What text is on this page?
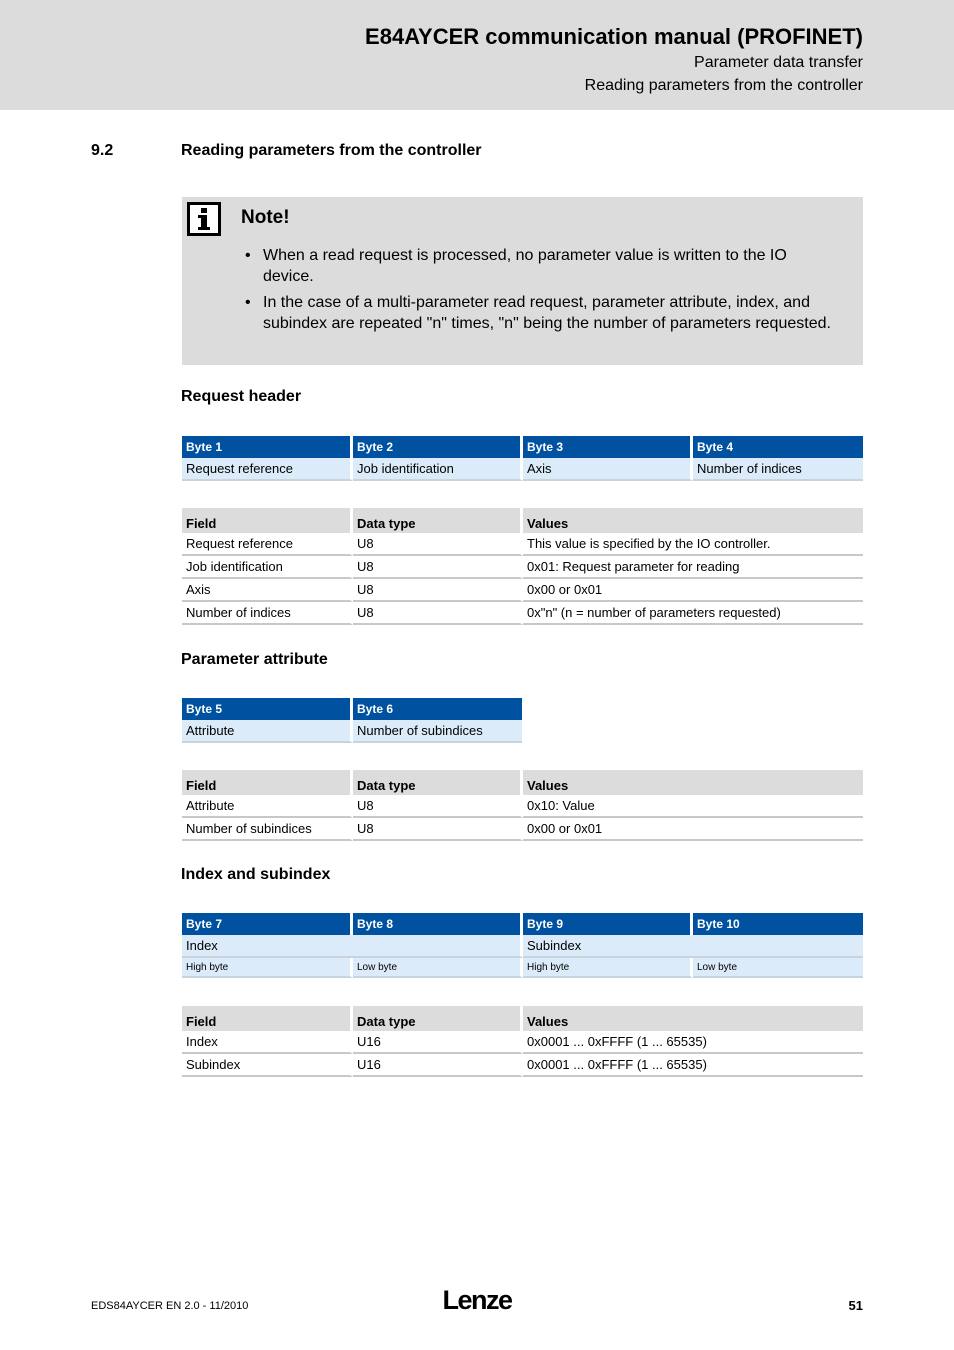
E84AYCER communication manual (PROFINET)
Parameter data transfer
Reading parameters from the controller
9.2	Reading parameters from the controller
Note!
• When a read request is processed, no parameter value is written to the IO device.
• In the case of a multi-parameter read request, parameter attribute, index, and subindex are repeated "n" times, "n" being the number of parameters requested.
Request header
Byte 1	Byte 2	Byte 3	Byte 4
Request reference	Job identification	Axis	Number of indices
Field	Data type	Values
Request reference	U8	This value is specified by the IO controller.
Job identification	U8	0x01: Request parameter for reading
Axis	U8	0x00 or 0x01
Number of indices	U8	0x"n" (n = number of parameters requested)
Parameter attribute
Byte 5	Byte 6
Attribute	Number of subindices
Field	Data type	Values
Attribute	U8	0x10: Value
Number of subindices	U8	0x00 or 0x01
Index and subindex
Byte 7	Byte 8	Byte 9	Byte 10
Index		Subindex	
High byte	Low byte	High byte	Low byte
Field	Data type	Values
Index	U16	0x0001 ... 0xFFFF (1 ... 65535)
Subindex	U16	0x0001 ... 0xFFFF (1 ... 65535)
EDS84AYCER EN 2.0 - 11/2010	Lenze	51
